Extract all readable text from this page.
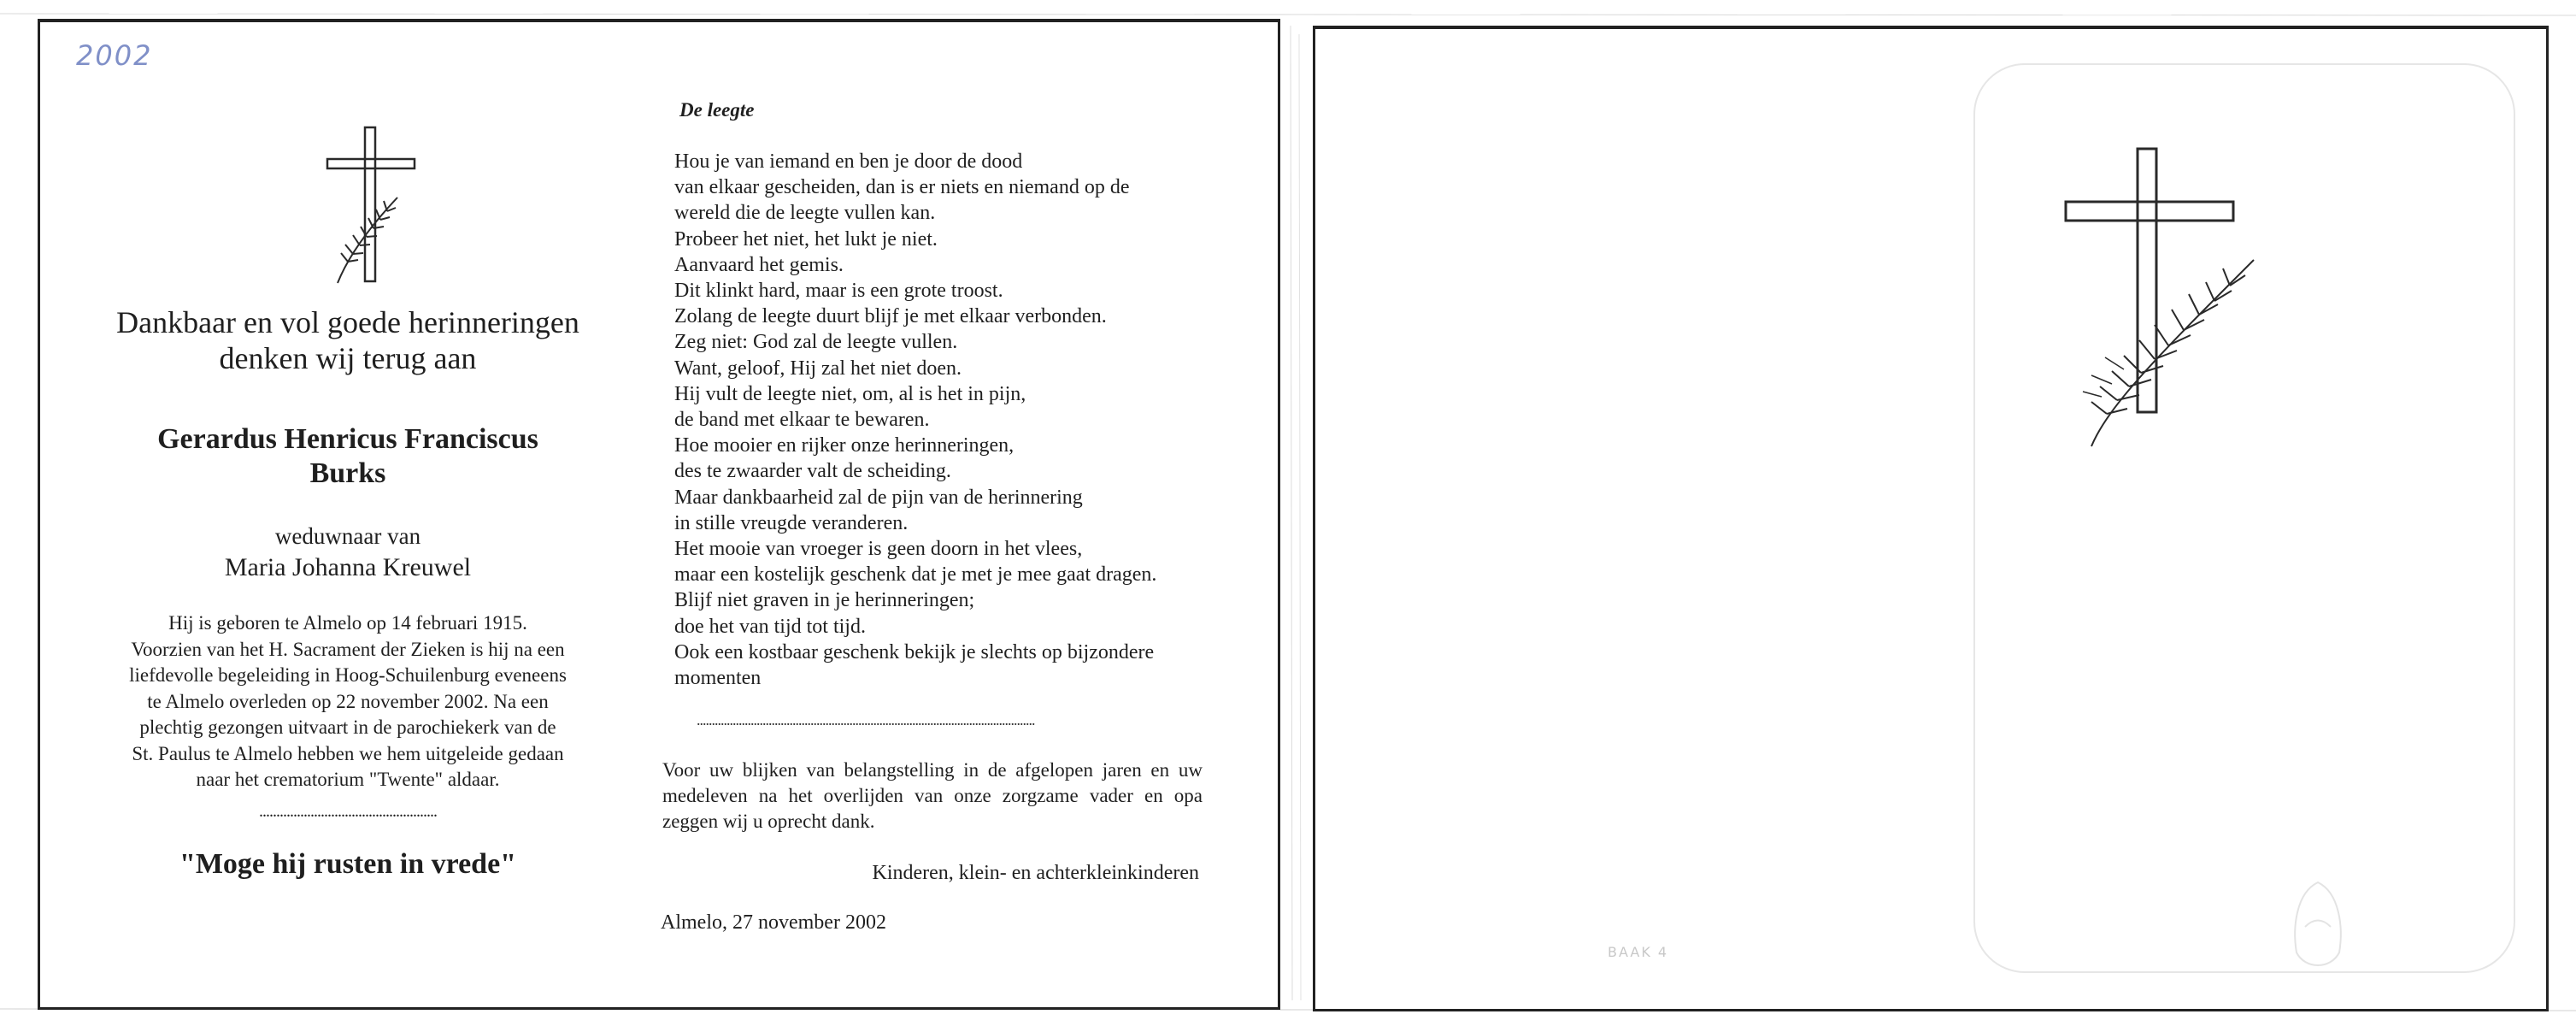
2002
Dankbaar en vol goede herinneringen
denken wij terug aan
Gerardus Henricus Franciscus
Burks
weduwnaar van
Maria Johanna Kreuwel
Hij is geboren te Almelo op 14 februari 1915.
Voorzien van het H. Sacrament der Zieken is hij na een
liefdevolle begeleiding in Hoog-Schuilenburg eveneens
te Almelo overleden op 22 november 2002. Na een
plechtig gezongen uitvaart in de parochiekerk van de
St. Paulus te Almelo hebben we hem uitgeleide gedaan
naar het crematorium "Twente" aldaar.
....................................................
"Moge hij rusten in vrede"
De leegte
Hou je van iemand en ben je door de dood
van elkaar gescheiden, dan is er niets en niemand op de
wereld die de leegte vullen kan.
Probeer het niet, het lukt je niet.
Aanvaard het gemis.
Dit klinkt hard, maar is een grote troost.
Zolang de leegte duurt blijf je met elkaar verbonden.
Zeg niet: God zal de leegte vullen.
Want, geloof, Hij zal het niet doen.
Hij vult de leegte niet, om, al is het in pijn,
de band met elkaar te bewaren.
Hoe mooier en rijker onze herinneringen,
des te zwaarder valt de scheiding.
Maar dankbaarheid zal de pijn van de herinnering
in stille vreugde veranderen.
Het mooie van vroeger is geen doorn in het vlees,
maar een kostelijk geschenk dat je met je mee gaat dragen.
Blijf niet graven in je herinneringen;
doe het van tijd tot tijd.
Ook een kostbaar geschenk bekijk je slechts op bijzondere
momenten
.................................................................................................................
Voor uw blijken van belangstelling in de afgelopen jaren en uw medeleven na het overlijden van onze zorgzame vader en opa zeggen wij u oprecht dank.
Kinderen, klein- en achterkleinkinderen
Almelo, 27 november 2002
BAAK 4
